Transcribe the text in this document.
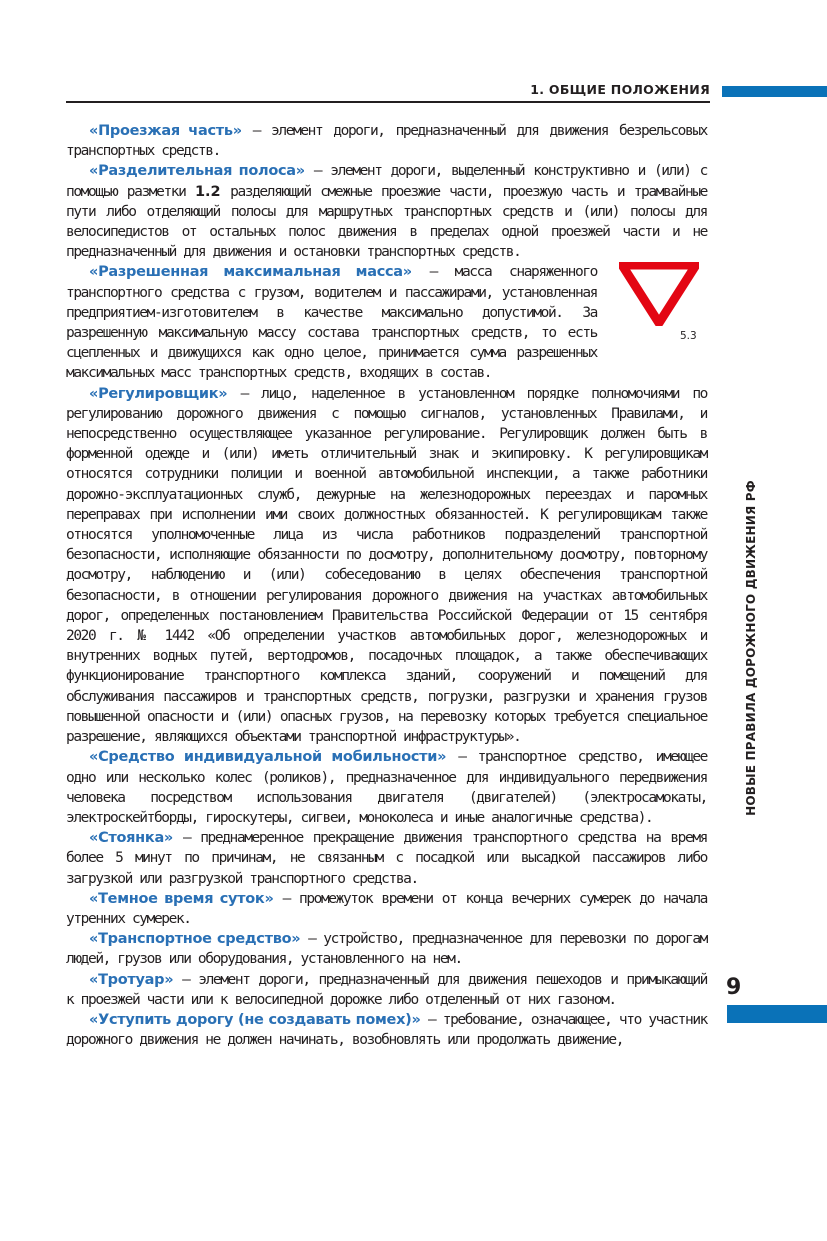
1. ОБЩИЕ ПОЛОЖЕНИЯ
НОВЫЕ ПРАВИЛА ДОРОЖНОГО ДВИЖЕНИЯ РФ
9

«Проезжая часть» — элемент дороги, предназначенный для движения безрельсовых транспортных средств.

«Разделительная полоса» — элемент дороги, выделенный конструктивно и (или) с помощью разметки 1.2 разделяющий смежные проезжие части, проезжую часть и трамвайные пути либо отделяющий полосы для маршрутных транспортных средств и (или) полосы для велосипедистов от остальных полос движения в пределах одной проезжей части и не предназначенный для движения и остановки транспортных средств.

5.3
«Разрешенная максимальная масса» — масса снаряженного транспортного средства с грузом, водителем и пассажирами, установленная предприятием-изготовителем в качестве максимально допустимой. За разрешенную максимальную массу состава транспортных средств, то есть сцепленных и движущихся как одно целое, принимается сумма разрешенных максимальных масс транспортных средств, входящих в состав.

«Регулировщик» — лицо, наделенное в установленном порядке полномочиями по регулированию дорожного движения с помощью сигналов, установленных Правилами, и непосредственно осуществляющее указанное регулирование. Регулировщик должен быть в форменной одежде и (или) иметь отличительный знак и экипировку. К регулировщикам относятся сотрудники полиции и военной автомобильной инспекции, а также работники дорожно-эксплуатационных служб, дежурные на железнодорожных переездах и паромных переправах при исполнении ими своих должностных обязанностей. К регулировщикам также относятся уполномоченные лица из числа работников подразделений транспортной безопасности, исполняющие обязанности по досмотру, дополнительному досмотру, повторному досмотру, наблюдению и (или) собеседованию в целях обеспечения транспортной безопасности, в отношении регулирования дорожного движения на участках автомобильных дорог, определенных постановлением Правительства Российской Федерации от 15 сентября 2020 г. № 1442 «Об определении участков автомобильных дорог, железнодорожных и внутренних водных путей, вертодромов, посадочных площадок, а также обеспечивающих функционирование транспортного комплекса зданий, сооружений и помещений для обслуживания пассажиров и транспортных средств, погрузки, разгрузки и хранения грузов повышенной опасности и (или) опасных грузов, на перевозку которых требуется специальное разрешение, являющихся объектами транспортной инфраструктуры».

«Средство индивидуальной мобильности» — транспортное средство, имеющее одно или несколько колес (роликов), предназначенное для индивидуального передвижения человека посредством использования двигателя (двигателей) (электросамокаты, электроскейтборды, гироскутеры, сигвеи, моноколеса и иные аналогичные средства).

«Стоянка» — преднамеренное прекращение движения транспортного средства на время более 5 минут по причинам, не связанным с посадкой или высадкой пассажиров либо загрузкой или разгрузкой транспортного средства.

«Темное время суток» — промежуток времени от конца вечерних сумерек до начала утренних сумерек.

«Транспортное средство» — устройство, предназначенное для перевозки по дорогам людей, грузов или оборудования, установленного на нем.

«Тротуар» — элемент дороги, предназначенный для движения пешеходов и примыкающий к проезжей части или к велосипедной дорожке либо отделенный от них газоном.

«Уступить дорогу (не создавать помех)» — требование, означающее, что участник дорожного движения не должен начинать, возобновлять или продолжать движение,
